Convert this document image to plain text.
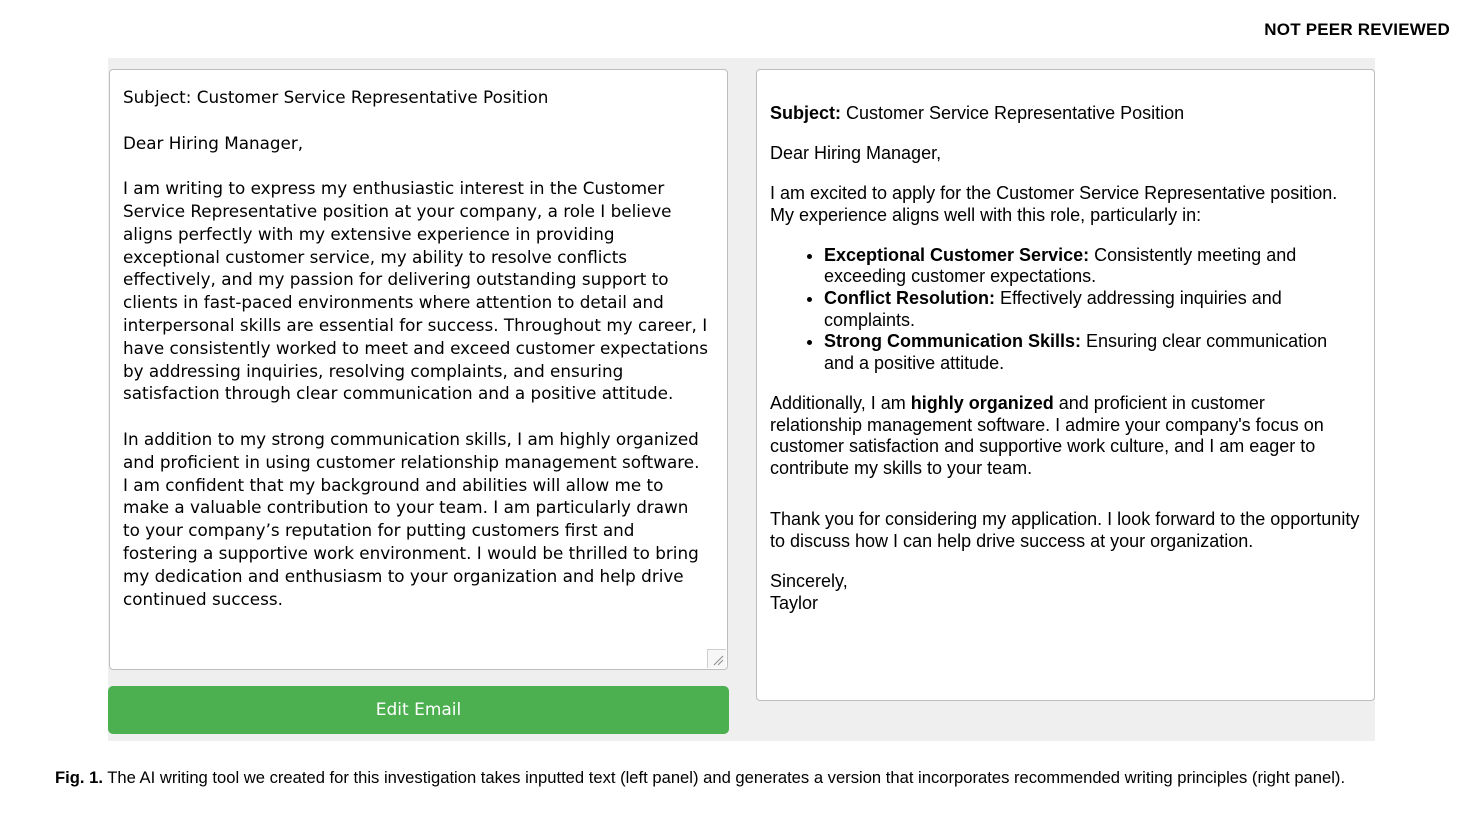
NOT PEER REVIEWED

Subject: Customer Service Representative Position

Dear Hiring Manager,

I am writing to express my enthusiastic interest in the Customer Service Representative position at your company, a role I believe aligns perfectly with my extensive experience in providing exceptional customer service, my ability to resolve conflicts effectively, and my passion for delivering outstanding support to clients in fast-paced environments where attention to detail and interpersonal skills are essential for success. Throughout my career, I have consistently worked to meet and exceed customer expectations by addressing inquiries, resolving complaints, and ensuring satisfaction through clear communication and a positive attitude.

In addition to my strong communication skills, I am highly organized and proficient in using customer relationship management software. I am confident that my background and abilities will allow me to make a valuable contribution to your team. I am particularly drawn to your company’s reputation for putting customers first and fostering a supportive work environment. I would be thrilled to bring my dedication and enthusiasm to your organization and help drive continued success.

Edit Email

Subject: Customer Service Representative Position

Dear Hiring Manager,

I am excited to apply for the Customer Service Representative position. My experience aligns well with this role, particularly in:

• Exceptional Customer Service: Consistently meeting and exceeding customer expectations.
• Conflict Resolution: Effectively addressing inquiries and complaints.
• Strong Communication Skills: Ensuring clear communication and a positive attitude.

Additionally, I am highly organized and proficient in customer relationship management software. I admire your company's focus on customer satisfaction and supportive work culture, and I am eager to contribute my skills to your team.

Thank you for considering my application. I look forward to the opportunity to discuss how I can help drive success at your organization.

Sincerely,
Taylor

Fig. 1. The AI writing tool we created for this investigation takes inputted text (left panel) and generates a version that incorporates recommended writing principles (right panel).
